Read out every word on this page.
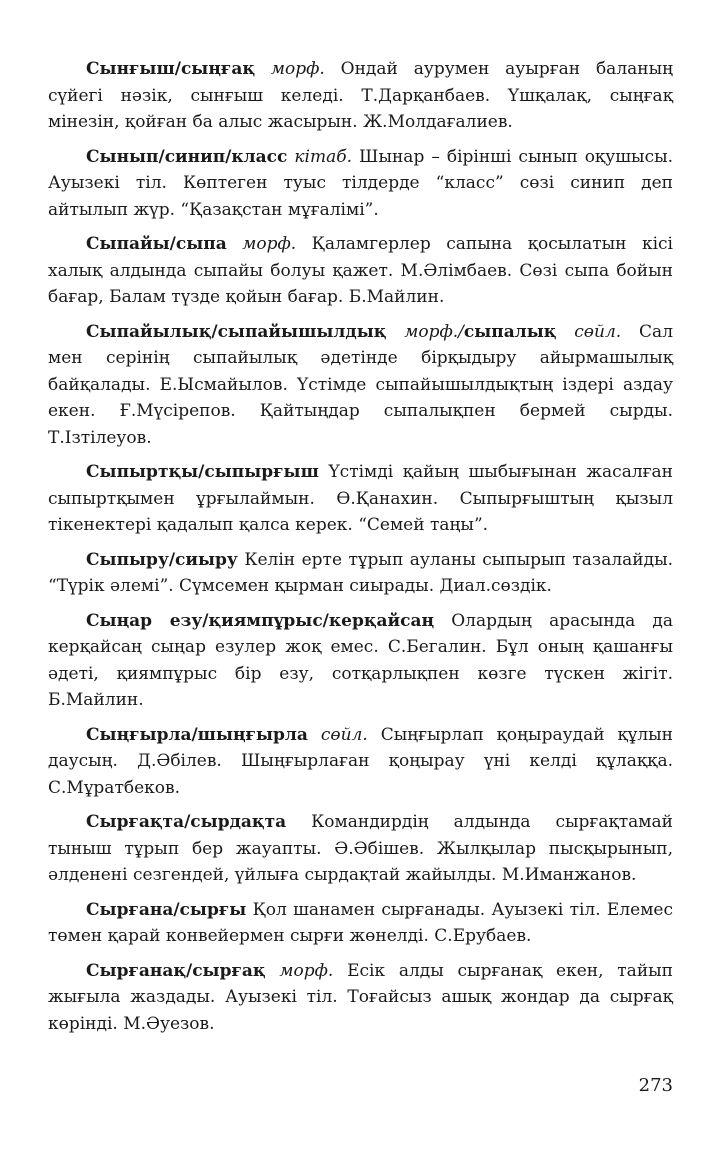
Сынғыш/сыңғақ морф. Ондай аурумен ауырған баланың сүйегі нәзік, сынғыш келеді. Т.Дарқанбаев. Үшқалақ, сыңғақ мінезін, қойған ба алыс жасырын. Ж.Молдағалиев.

Сынып/синип/класс кітаб. Шынар – бірінші сынып оқушысы. Ауызекі тіл. Көптеген туыс тілдерде “класс” сөзі синип деп айтылып жүр. “Қазақстан мұғалімі”.

Сыпайы/сыпа морф. Қаламгерлер сапына қосылатын кісі халық алдында сыпайы болуы қажет. М.Әлімбаев. Сөзі сыпа бойын бағар, Балам түзде қойын бағар. Б.Майлин.

Сыпайылық/сыпайышылдық морф./сыпалық сөйл. Сал мен серінің сыпайылық әдетінде бірқыдыру айырмашылық байқалады. Е.Ысмайылов. Үстімде сыпайышылдықтың іздері аздау екен. Ғ.Мүсірепов. Қайтыңдар сыпалықпен бермей сырды. Т.Ізтілеуов.

Сыпыртқы/сыпырғыш Үстімді қайың шыбығынан жасалған сыпыртқымен ұрғылаймын. Ө.Қанахин. Сыпырғыштың қызыл тікенектері қадалып қалса керек. “Семей таңы”.

Сыпыру/сиыру Келін ерте тұрып ауланы сыпырып тазалайды. “Түрік әлемі”. Сүмсемен қырман сиырады. Диал.сөздік.

Сыңар езу/қиямпұрыс/керқайсаң Олардың арасында да керқайсаң сыңар езулер жоқ емес. С.Бегалин. Бұл оның қашанғы әдеті, қиямпұрыс бір езу, сотқарлықпен көзге түскен жігіт. Б.Майлин.

Сыңғырла/шыңғырла сөйл. Сыңғырлап қоңыраудай құлын даусың. Д.Әбілев. Шыңғырлаған қоңырау үні келді құлаққа. С.Мұратбеков.

Сырғақта/сырдақта Командирдің алдында сырғақтамай тыныш тұрып бер жауапты. Ә.Әбішев. Жылқылар пысқырынып, әлденені сезгендей, үйлыға сырдақтай жайылды. М.Иманжанов.

Сырғана/сырғы Қол шанамен сырғанады. Ауызекі тіл. Елемес төмен қарай конвейермен сырғи жөнелді. С.Ерубаев.

Сырғанақ/сырғақ морф. Есік алды сырғанақ екен, тайып жығыла жаздады. Ауызекі тіл. Тоғайсыз ашық жондар да сырғақ көрінді. М.Әуезов.

273
